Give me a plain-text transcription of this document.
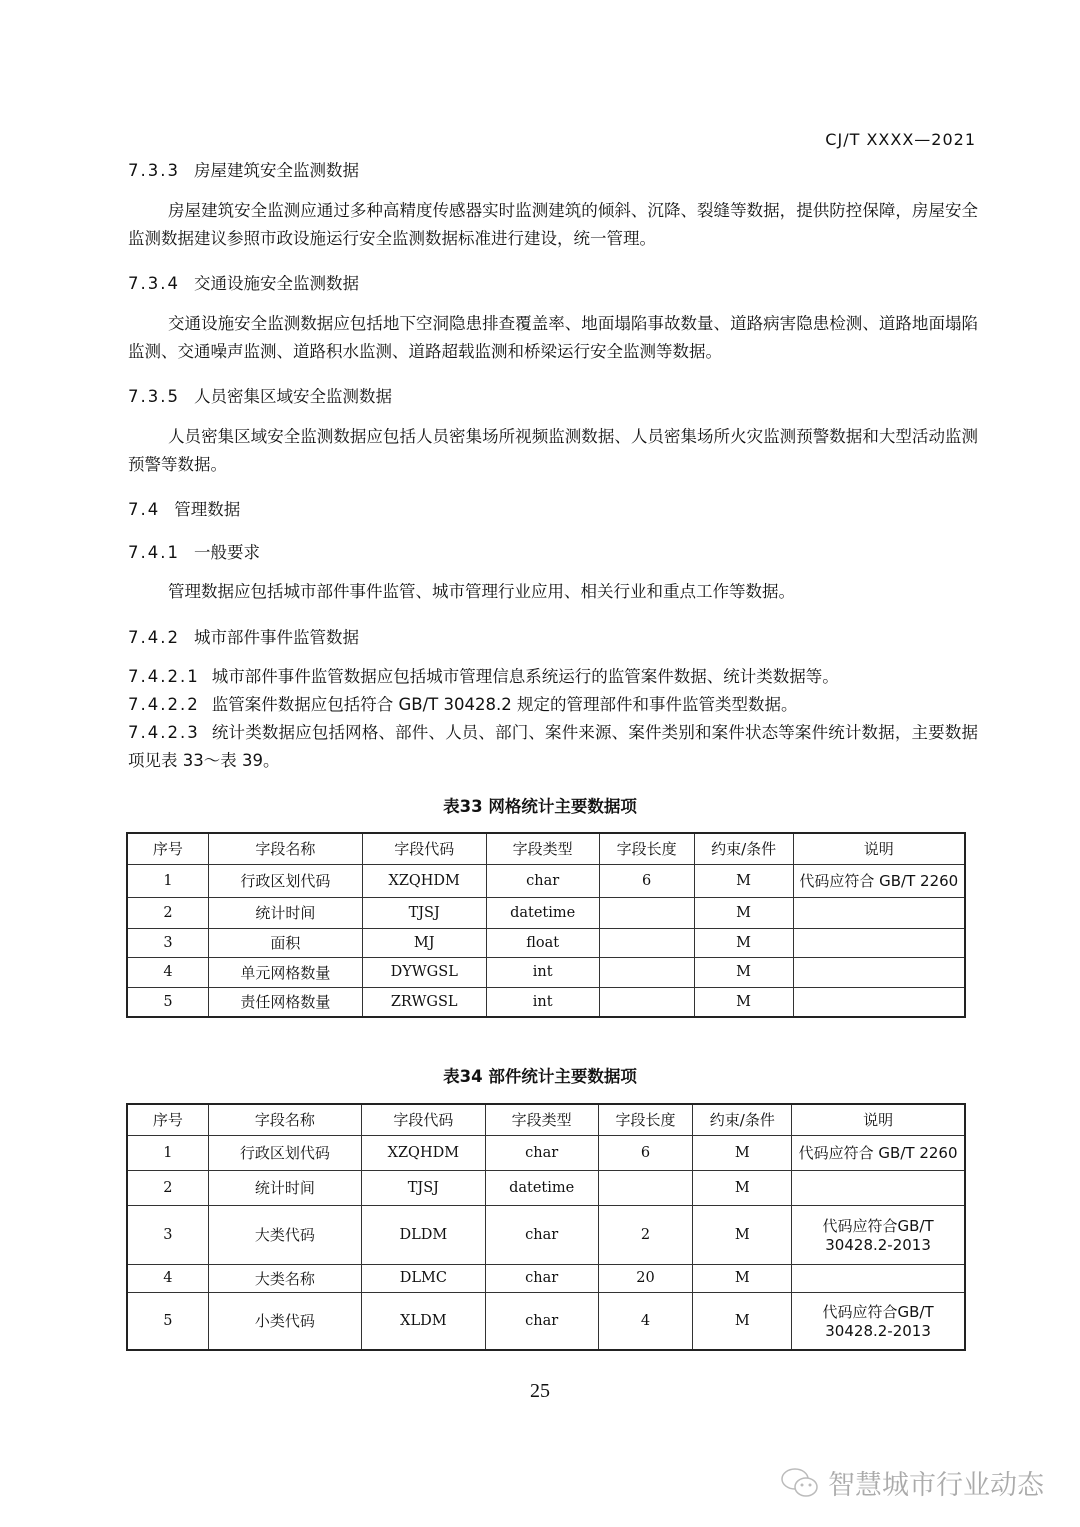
CJ/T XXXX—2021
7.3.3 房屋建筑安全监测数据
房屋建筑安全监测应通过多种高精度传感器实时监测建筑的倾斜、沉降、裂缝等数据，提供防控保障，房屋安全监测数据建议参照市政设施运行安全监测数据标准进行建设，统一管理。
7.3.4 交通设施安全监测数据
交通设施安全监测数据应包括地下空洞隐患排查覆盖率、地面塌陷事故数量、道路病害隐患检测、道路地面塌陷监测、交通噪声监测、道路积水监测、道路超载监测和桥梁运行安全监测等数据。
7.3.5 人员密集区域安全监测数据
人员密集区域安全监测数据应包括人员密集场所视频监测数据、人员密集场所火灾监测预警数据和大型活动监测预警等数据。
7.4 管理数据
7.4.1 一般要求
管理数据应包括城市部件事件监管、城市管理行业应用、相关行业和重点工作等数据。
7.4.2 城市部件事件监管数据
7.4.2.1 城市部件事件监管数据应包括城市管理信息系统运行的监管案件数据、统计类数据等。
7.4.2.2 监管案件数据应包括符合 GB/T 30428.2 规定的管理部件和事件监管类型数据。
7.4.2.3 统计类数据应包括网格、部件、人员、部门、案件来源、案件类别和案件状态等案件统计数据，主要数据项见表 33～表 39。
表33 网格统计主要数据项
序号	字段名称	字段代码	字段类型	字段长度	约束/条件	说明
1	行政区划代码	XZQHDM	char	6	M	代码应符合 GB/T 2260
2	统计时间	TJSJ	datetime		M	
3	面积	MJ	float		M	
4	单元网格数量	DYWGSL	int		M	
5	责任网格数量	ZRWGSL	int		M	
表34 部件统计主要数据项
序号	字段名称	字段代码	字段类型	字段长度	约束/条件	说明
1	行政区划代码	XZQHDM	char	6	M	代码应符合 GB/T 2260
2	统计时间	TJSJ	datetime		M	
3	大类代码	DLDM	char	2	M	代码应符合GB/T 30428.2-2013
4	大类名称	DLMC	char	20	M	
5	小类代码	XLDM	char	4	M	代码应符合GB/T 30428.2-2013
25
智慧城市行业动态
